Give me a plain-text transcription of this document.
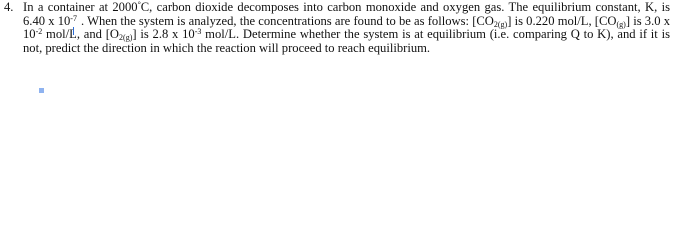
4. In a container at 2000°C, carbon dioxide decomposes into carbon monoxide and oxygen gas. The equilibrium constant, K, is 6.40 x $10^{-7}$ . When the system is analyzed, the concentrations are found to be as follows: $[CO_{2(g)}]$ is 0.220 mol/L, $[CO_{(g)}]$ is 3.0 x $10^{-2}$ mol/L, and $[O_{2(g)}]$ is 2.8 x $10^{-3}$ mol/L. Determine whether the system is at equilibrium (i.e. comparing Q to K), and if it is not, predict the direction in which the reaction will proceed to reach equilibrium.
